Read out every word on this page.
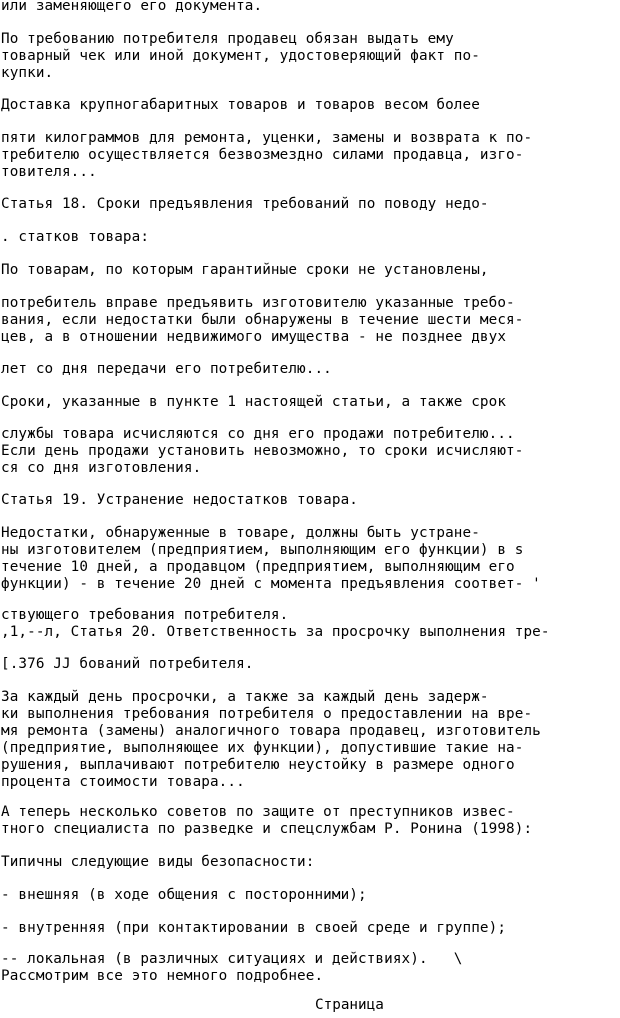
или заменяющего его документа.
По требованию потребителя продавец обязан выдать ему
товарный чек или иной документ, удостоверяющий факт по-
купки.
Доставка крупногабаритных товаров и товаров весом более
пяти килограммов для ремонта, уценки, замены и возврата к по-
требителю осуществляется безвозмездно силами продавца, изго-
товителя...
Статья 18. Сроки предъявления требований по поводу недо-
. статков товара:
По товарам, по которым гарантийные сроки не установлены,
потребитель вправе предъявить изготовителю указанные требо-
вания, если недостатки были обнаружены в течение шести меся-
цев, а в отношении недвижимого имущества - не позднее двух
лет со дня передачи его потребителю...
Сроки, указанные в пункте 1 настоящей статьи, а также срок
службы товара исчисляются со дня его продажи потребителю...
Если день продажи установить невозможно, то сроки исчисляют-
ся со дня изготовления.
Статья 19. Устранение недостатков товара.
Недостатки, обнаруженные в товаре, должны быть устране-
ны изготовителем (предприятием, выполняющим его функции) в s
течение 10 дней, а продавцом (предприятием, выполняющим его
функции) - в течение 20 дней с момента предъявления соответ- '
ствующего требования потребителя.
,1,--л, Статья 20. Ответственность за просрочку выполнения тре-
[.376 JJ бований потребителя.
За каждый день просрочки, а также за каждый день задерж-
ки выполнения требования потребителя о предоставлении на вре-
мя ремонта (замены) аналогичного товара продавец, изготовитель
(предприятие, выполняющее их функции), допустившие такие на-
рушения, выплачивают потребителю неустойку в размере одного
процента стоимости товара...
А теперь несколько советов по защите от преступников извес-
тного специалиста по разведке и спецслужбам Р. Ронина (1998):
Типичны следующие виды безопасности:
- внешняя (в ходе общения с посторонними);
- внутренняя (при контактировании в своей среде и группе);
-- локальная (в различных ситуациях и действиях).   \
Рассмотрим все это немного подробнее.
Страница
